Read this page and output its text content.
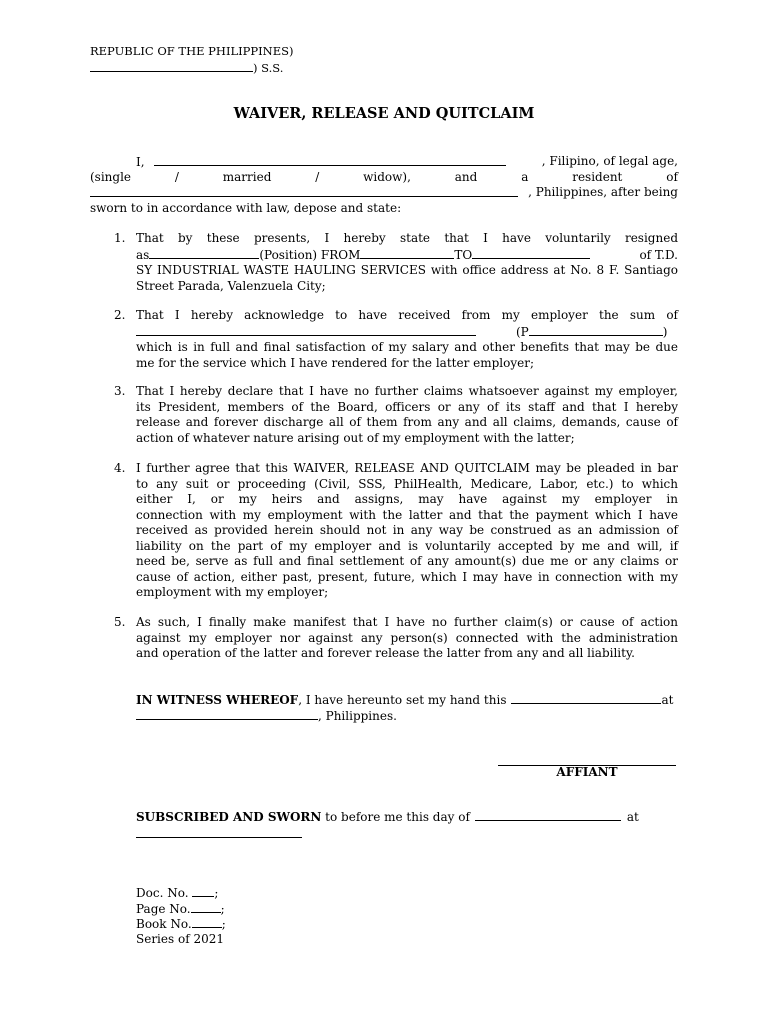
REPUBLIC OF THE PHILIPPINES)
) S.S.
WAIVER, RELEASE AND QUITCLAIM
I,	, Filipino, of legal age,
(single	/	married	/	widow),	and	a	resident	of
, Philippines, after being
sworn to in accordance with law, depose and state:
1. That by these presents, I hereby state that I have voluntarily resigned
as	(Position) FROM	TO	of T.D.
SY INDUSTRIAL WASTE HAULING SERVICES with office address at No. 8 F. Santiago
Street Parada, Valenzuela City;
2. That I hereby acknowledge to have received from my employer the sum of
(P	)
which is in full and final satisfaction of my salary and other benefits that may be due
me for the service which I have rendered for the latter employer;
3. That I hereby declare that I have no further claims whatsoever against my employer,
its President, members of the Board, officers or any of its staff and that I hereby
release and forever discharge all of them from any and all claims, demands, cause of
action of whatever nature arising out of my employment with the latter;
4. I further agree that this WAIVER, RELEASE AND QUITCLAIM may be pleaded in bar
to any suit or proceeding (Civil, SSS, PhilHealth, Medicare, Labor, etc.) to which
either I, or my heirs and assigns, may have against my employer in
connection with my employment with the latter and that the payment which I have
received as provided herein should not in any way be construed as an admission of
liability on the part of my employer and is voluntarily accepted by me and will, if
need be, serve as full and final settlement of any amount(s) due me or any claims or
cause of action, either past, present, future, which I may have in connection with my
employment with my employer;
5. As such, I finally make manifest that I have no further claim(s) or cause of action
against my employer nor against any person(s) connected with the administration
and operation of the latter and forever release the latter from any and all liability.
IN WITNESS WHEREOF , I have hereunto set my hand this	at
, Philippines.
AFFIANT
SUBSCRIBED AND SWORN to before me this day of	at
Doc. No. ;
Page No.	;
Book No.	;
Series of 2021
